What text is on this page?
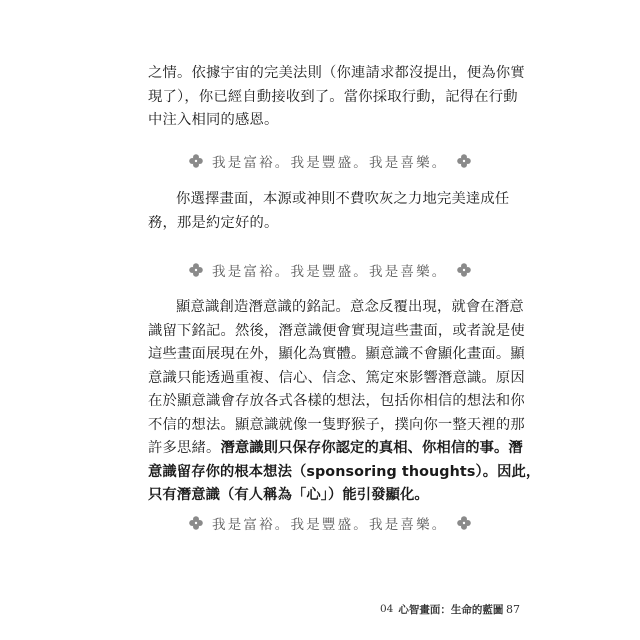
之情。依據宇宙的完美法則（你連請求都沒提出，便為你實
現了），你已經自動接收到了。當你採取行動，記得在行動
中注入相同的感恩。
我是富裕。我是豐盛。我是喜樂。
你選擇畫面，本源或神則不費吹灰之力地完美達成任
務，那是約定好的。
我是富裕。我是豐盛。我是喜樂。
顯意識創造潛意識的銘記。意念反覆出現，就會在潛意
識留下銘記。然後，潛意識便會實現這些畫面，或者說是使
這些畫面展現在外，顯化為實體。顯意識不會顯化畫面。顯
意識只能透過重複、信心、信念、篤定來影響潛意識。原因
在於顯意識會存放各式各樣的想法，包括你相信的想法和你
不信的想法。顯意識就像一隻野猴子，撲向你一整天裡的那
許多思緒。潛意識則只保存你認定的真相、你相信的事。潛
意識留存你的根本想法（sponsoring thoughts）。因此，
只有潛意識（有人稱為「心」）能引發顯化。
我是富裕。我是豐盛。我是喜樂。
04 心智畫面：生命的藍圖 87
